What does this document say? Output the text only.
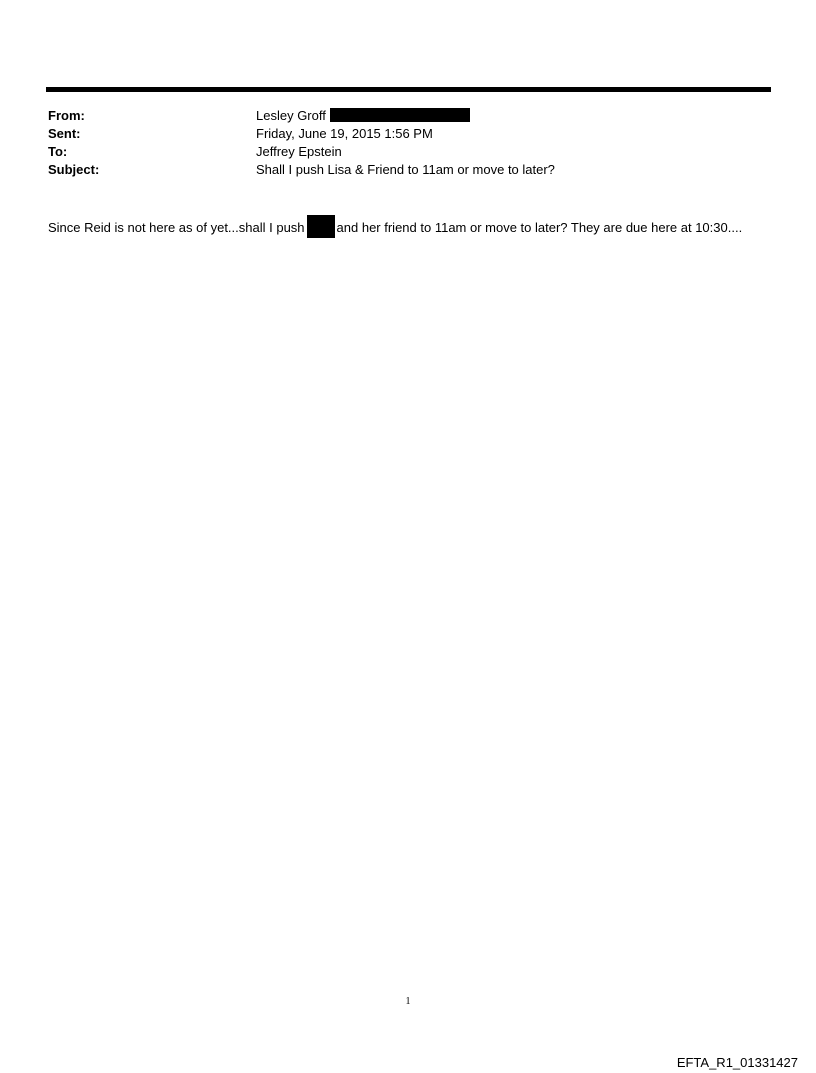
From:	Lesley Groff
Sent:	Friday, June 19, 2015 1:56 PM
To:	Jeffrey Epstein
Subject:	Shall I push Lisa & Friend to 11am or move to later?
Since Reid is not here as of yet...shall I push and her friend to 11am or move to later? They are due here at 10:30....
1
EFTA_R1_01331427
